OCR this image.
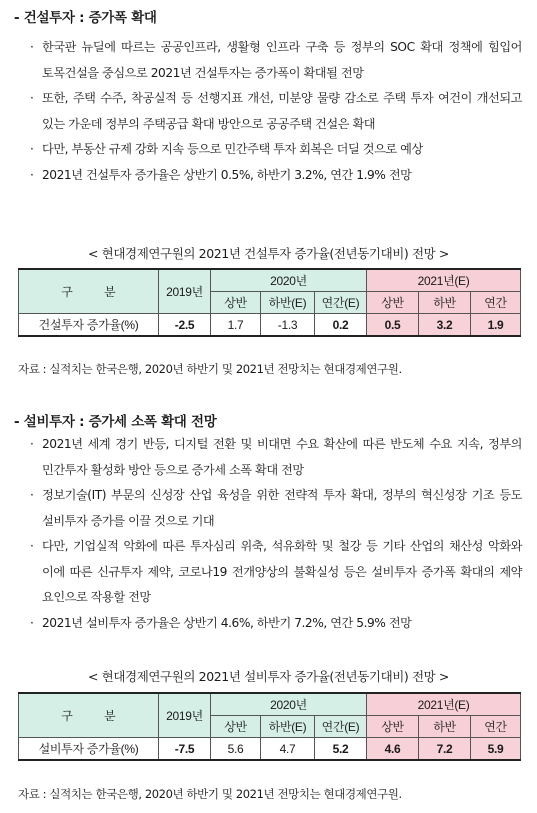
- 건설투자 : 증가폭 확대
· 한국판 뉴딜에 따르는 공공인프라, 생활형 인프라 구축 등 정부의 SOC 확대 정책에 힘입어 토목건설을 중심으로 2021년 건설투자는 증가폭이 확대될 전망
· 또한, 주택 수주, 착공실적 등 선행지표 개선, 미분양 물량 감소로 주택 투자 여건이 개선되고 있는 가운데 정부의 주택공급 확대 방안으로 공공주택 건설은 확대
· 다만, 부동산 규제 강화 지속 등으로 민간주택 투자 회복은 더딜 것으로 예상
· 2021년 건설투자 증가율은 상반기 0.5%, 하반기 3.2%, 연간 1.9% 전망
< 현대경제연구원의 2021년 건설투자 증가율(전년동기대비) 전망 >
구 분	2019년	2020년			2021년(E)		
		상반	하반(E)	연간(E)	상반	하반	연간
건설투자 증가율(%)	-2.5	1.7	-1.3	0.2	0.5	3.2	1.9
자료 : 실적치는 한국은행, 2020년 하반기 및 2021년 전망치는 현대경제연구원.
- 설비투자 : 증가세 소폭 확대 전망
· 2021년 세계 경기 반등, 디지털 전환 및 비대면 수요 확산에 따른 반도체 수요 지속, 정부의 민간투자 활성화 방안 등으로 증가세 소폭 확대 전망
· 정보기술(IT) 부문의 신성장 산업 육성을 위한 전략적 투자 확대, 정부의 혁신성장 기조 등도 설비투자 증가를 이끌 것으로 기대
· 다만, 기업실적 악화에 따른 투자심리 위축, 석유화학 및 철강 등 기타 산업의 채산성 악화와 이에 따른 신규투자 제약, 코로나19 전개양상의 불확실성 등은 설비투자 증가폭 확대의 제약 요인으로 작용할 전망
· 2021년 설비투자 증가율은 상반기 4.6%, 하반기 7.2%, 연간 5.9% 전망
< 현대경제연구원의 2021년 설비투자 증가율(전년동기대비) 전망 >
구 분	2019년	2020년			2021년(E)		
		상반	하반(E)	연간(E)	상반	하반	연간
설비투자 증가율(%)	-7.5	5.6	4.7	5.2	4.6	7.2	5.9
자료 : 실적치는 한국은행, 2020년 하반기 및 2021년 전망치는 현대경제연구원.
